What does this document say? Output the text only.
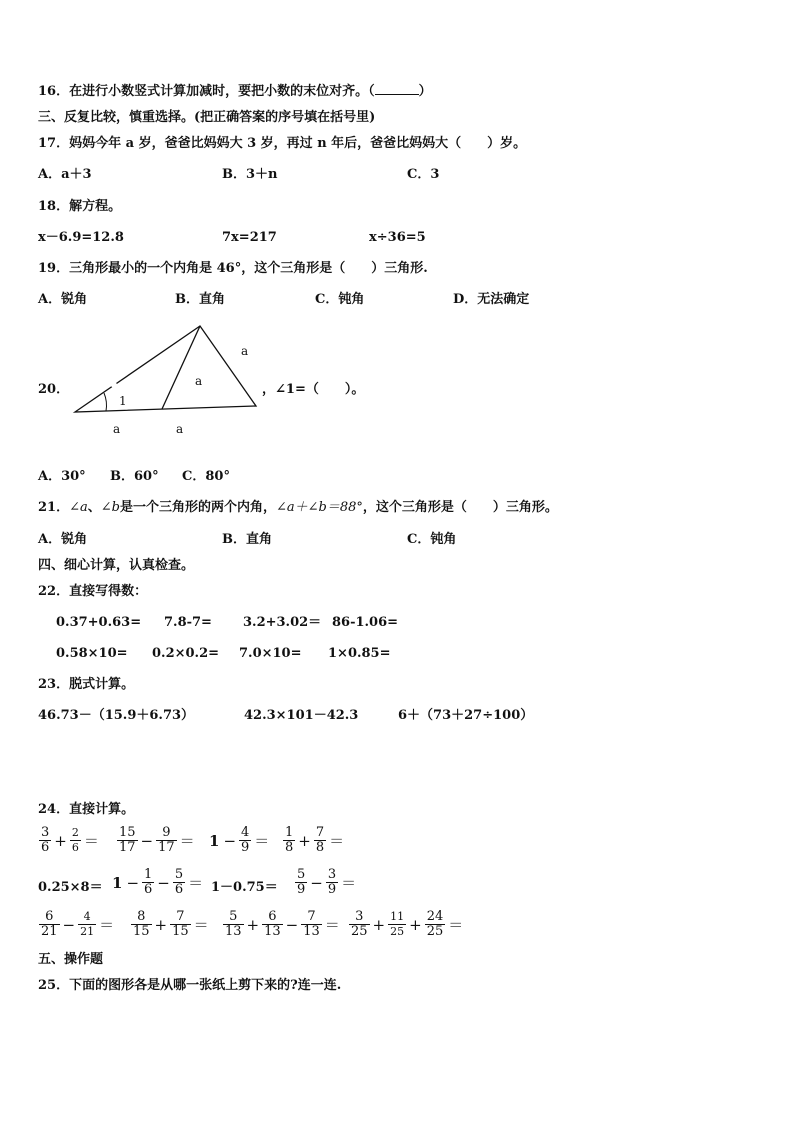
16．在进行小数竖式计算加减时，要把小数的末位对齐。（	）
三、反复比较，慎重选择。(把正确答案的序号填在括号里)
17．妈妈今年 a 岁，爸爸比妈妈大 3 岁，再过 n 年后，爸爸比妈妈大（　　）岁。
A．a＋3	B．3＋n	C．3
18．解方程。
x－6.9=12.8	7x=217	x÷36=5
19．三角形最小的一个内角是 46°，这个三角形是（　　）三角形.
A．锐角	B．直角	C．钝角	D．无法确定
20．
a
a
1
a	a
，∠1=（　　）。
A．30° B．60° C．80°
21．∠a、∠b是一个三角形的两个内角，∠a＋∠b＝88°，这个三角形是（　　）三角形。
A．锐角	B．直角	C．钝角
四、细心计算，认真检查。
22．直接写得数：
0.37+0.63= 7.8-7= 3.2+3.02＝ 86-1.06=
0.58×10= 0.2×0.2= 7.0×10= 1×0.85=
23．脱式计算。
46.73－（15.9＋6.73）	42.3×101－42.3	6＋（73＋27÷100）
24．直接计算。
$\frac{3}{6} + \frac{2}{6} = \frac{15}{17} - \frac{9}{17} = 1 - \frac{4}{9} = \frac{1}{8} + \frac{7}{8}$ ＝
$0.25\times 8= 1 - \frac{1}{6} - \frac{5}{6} = 1-0.75= \frac{5}{9} - \frac{3}{9}$ ＝
$\frac{6}{21} - \frac{4}{21} = \frac{8}{15} + \frac{7}{15} = \frac{5}{13} + \frac{6}{13} - \frac{7}{13} = \frac{3}{25} + \frac{11}{25} + \frac{24}{25}$ ＝
五、操作题
25．下面的图形各是从哪一张纸上剪下来的?连一连.
